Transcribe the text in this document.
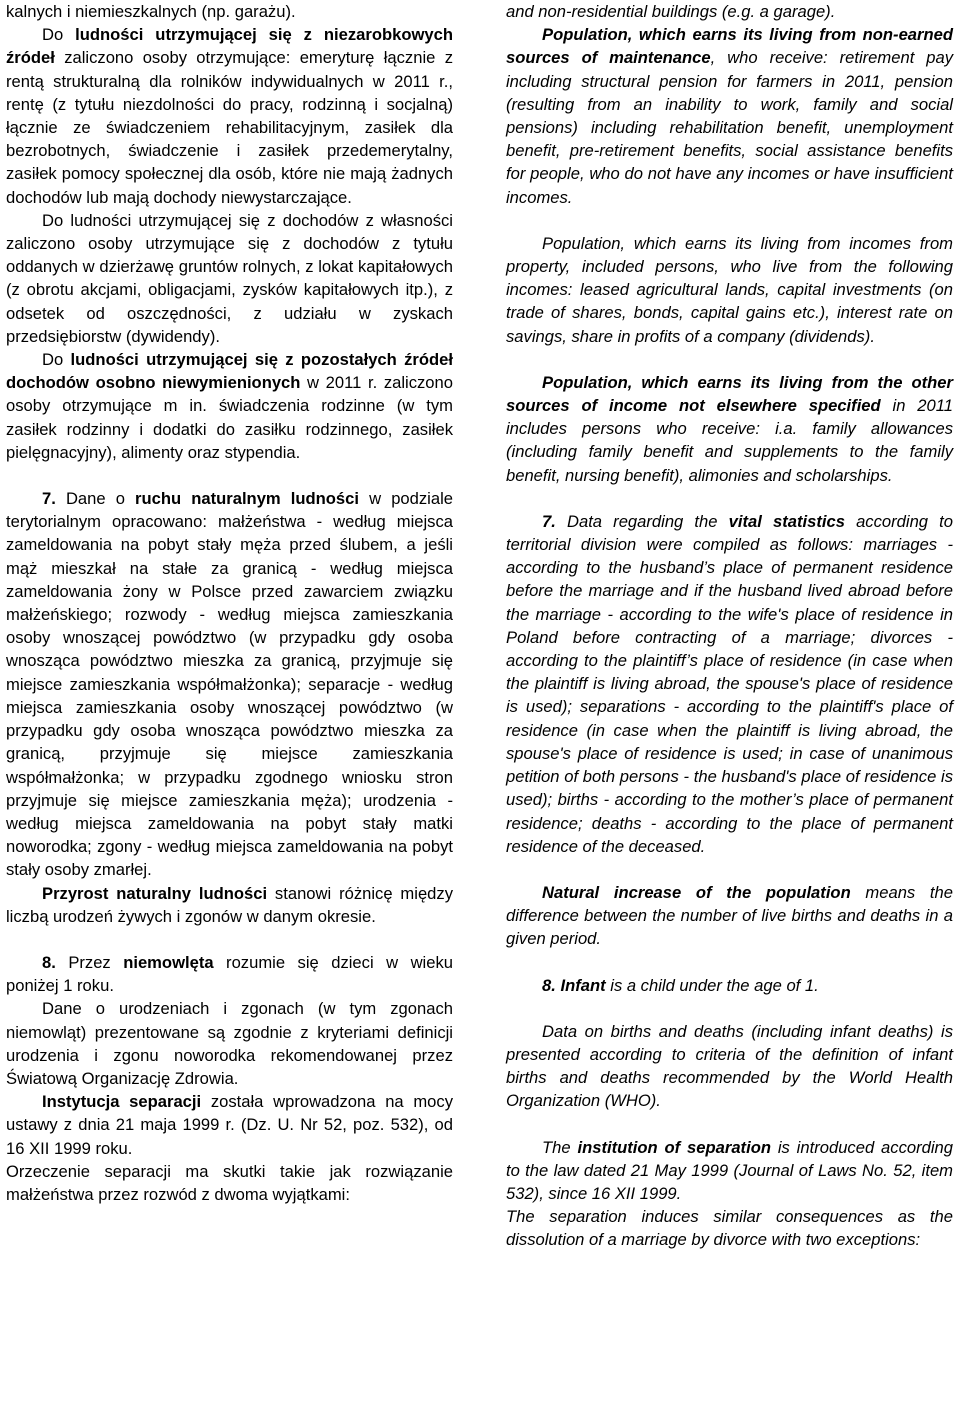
kalnych i niemieszkalnych (np. garażu).

Do ludności utrzymującej się z niezarobkowych źródeł zaliczono osoby otrzymujące: emeryturę łącznie z rentą strukturalną dla rolników indywidualnych w 2011 r., rentę (z tytułu niezdolności do pracy, rodzinną i socjalną) łącznie ze świadczeniem rehabilitacyjnym, zasiłek dla bezrobotnych, świadczenie i zasiłek przedemerytalny, zasiłek pomocy społecznej dla osób, które nie mają żadnych dochodów lub mają dochody niewystarczające.

Do ludności utrzymującej się z dochodów z własności zaliczono osoby utrzymujące się z dochodów z tytułu oddanych w dzierżawę gruntów rolnych, z lokat kapitałowych (z obrotu akcjami, obligacjami, zysków kapitałowych itp.), z odsetek od oszczędności, z udziału w zyskach przedsiębiorstw (dywidendy).

Do ludności utrzymującej się z pozostałych źródeł dochodów osobno niewymienionych w 2011 r. zaliczono osoby otrzymujące m in. świadczenia rodzinne (w tym zasiłek rodzinny i dodatki do zasiłku rodzinnego, zasiłek pielęgnacyjny), alimenty oraz stypendia.

7. Dane o ruchu naturalnym ludności w podziale terytorialnym opracowano: małżeństwa - według miejsca zameldowania na pobyt stały męża przed ślubem, a jeśli mąż mieszkał na stałe za granicą - według miejsca zameldowania żony w Polsce przed zawarciem związku małżeńskiego; rozwody - według miejsca zamieszkania osoby wnoszącej powództwo (w przypadku gdy osoba wnosząca powództwo mieszka za granicą, przyjmuje się miejsce zamieszkania współmałżonka); separacje - według miejsca zamieszkania osoby wnoszącej powództwo (w przypadku gdy osoba wnosząca powództwo mieszka za granicą, przyjmuje się miejsce zamieszkania współmałżonka; w przypadku zgodnego wniosku stron przyjmuje się miejsce zamieszkania męża); urodzenia - według miejsca zameldowania na pobyt stały matki noworodka; zgony - według miejsca zameldowania na pobyt stały osoby zmarłej.

Przyrost naturalny ludności stanowi różnicę między liczbą urodzeń żywych i zgonów w danym okresie.

8. Przez niemowlęta rozumie się dzieci w wieku poniżej 1 roku.

Dane o urodzeniach i zgonach (w tym zgonach niemowląt) prezentowane są zgodnie z kryteriami definicji urodzenia i zgonu noworodka rekomendowanej przez Światową Organizację Zdrowia.

Instytucja separacji została wprowadzona na mocy ustawy z dnia 21 maja 1999 r. (Dz. U. Nr 52, poz. 532), od 16 XII 1999 roku.

Orzeczenie separacji ma skutki takie jak rozwiązanie małżeństwa przez rozwód z dwoma wyjątkami:

and non-residential buildings (e.g. a garage).

Population, which earns its living from non-earned sources of maintenance, who receive: retirement pay including structural pension for farmers in 2011, pension (resulting from an inability to work, family and social pensions) including rehabilitation benefit, unemployment benefit, pre-retirement benefits, social assistance benefits for people, who do not have any incomes or have insufficient incomes.

Population, which earns its living from incomes from property, included persons, who live from the following incomes: leased agricultural lands, capital investments (on trade of shares, bonds, capital gains etc.), interest rate on savings, share in profits of a company (dividends).

Population, which earns its living from the other sources of income not elsewhere specified in 2011 includes persons who receive: i.a. family allowances (including family benefit and supplements to the family benefit, nursing benefit), alimonies and scholarships.

7. Data regarding the vital statistics according to territorial division were compiled as follows: marriages - according to the husband’s place of permanent residence before the marriage and if the husband lived abroad before the marriage - according to the wife's place of residence in Poland before contracting of a marriage; divorces - according to the plaintiff’s place of residence (in case when the plaintiff is living abroad, the spouse's place of residence is used); separations - according to the plaintiff's place of residence (in case when the plaintiff is living abroad, the spouse's place of residence is used; in case of unanimous petition of both persons - the husband's place of residence is used); births - according to the mother’s place of permanent residence; deaths - according to the place of permanent residence of the deceased.

Natural increase of the population means the difference between the number of live births and deaths in a given period.

8. Infant is a child under the age of 1.

Data on births and deaths (including infant deaths) is presented according to criteria of the definition of infant births and deaths recommended by the World Health Organization (WHO).

The institution of separation is introduced according to the law dated 21 May 1999 (Journal of Laws No. 52, item 532), since 16 XII 1999.

The separation induces similar consequences as the dissolution of a marriage by divorce with two exceptions:
